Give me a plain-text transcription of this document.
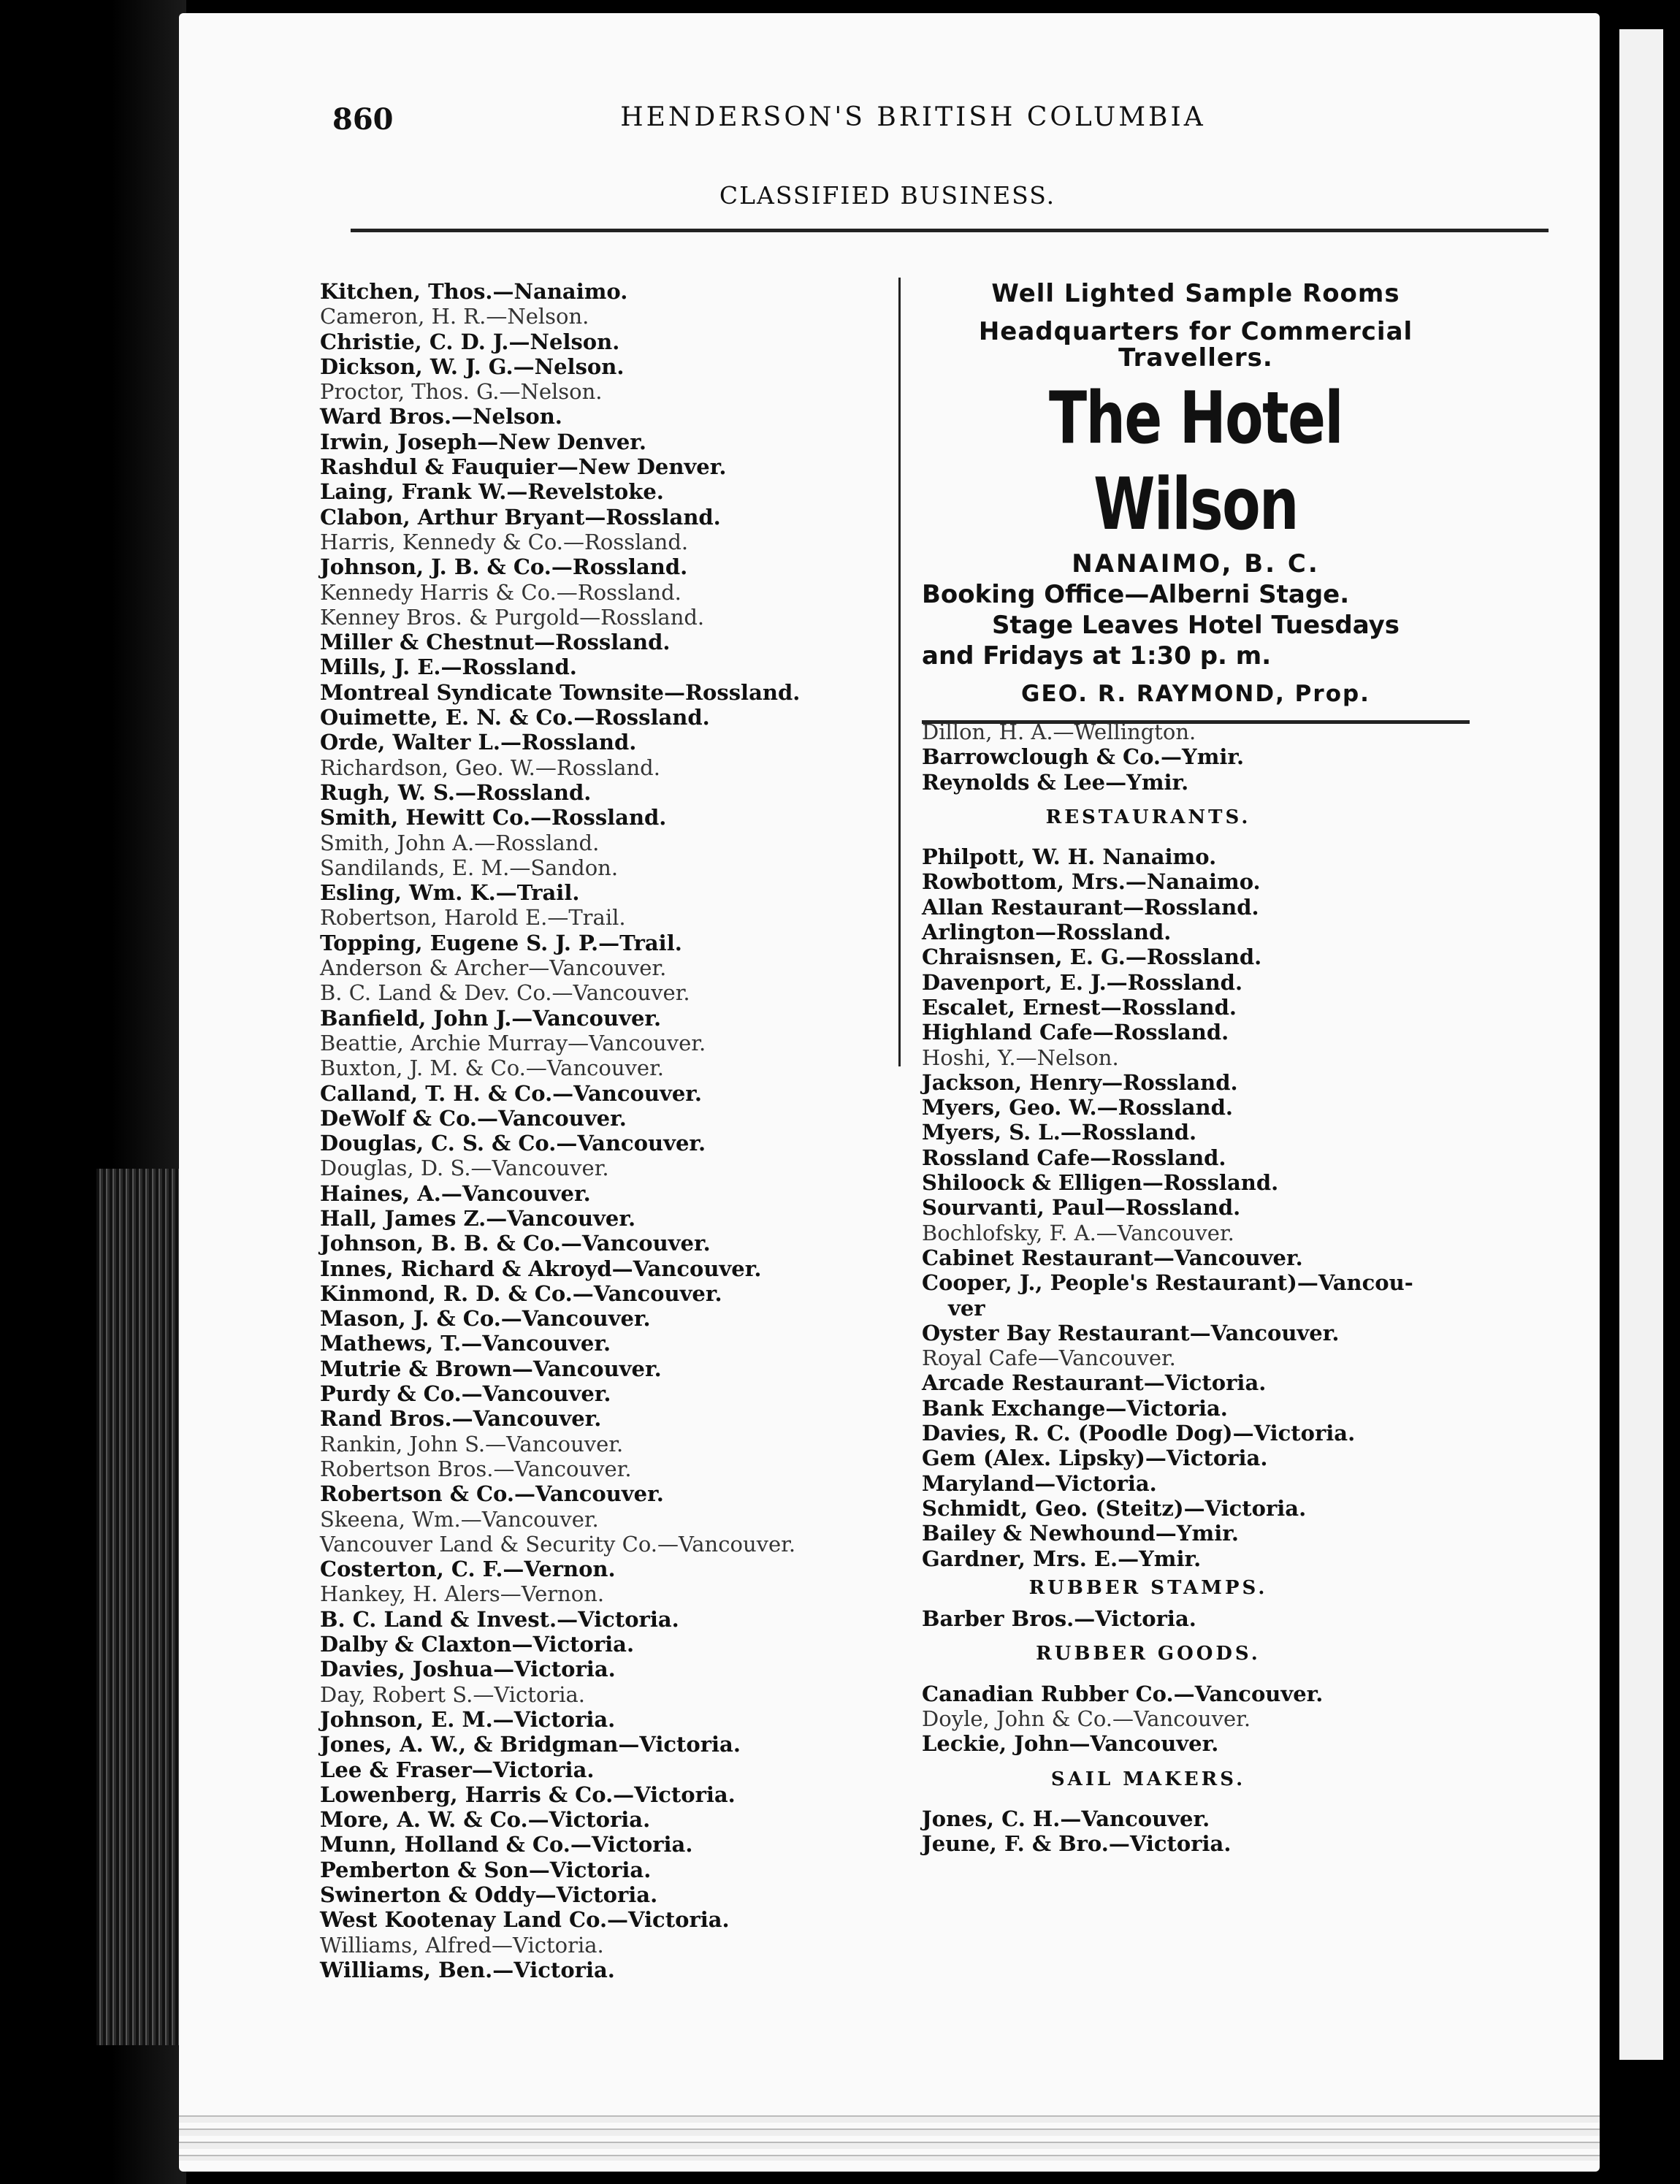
860	HENDERSON'S BRITISH COLUMBIA
CLASSIFIED BUSINESS.
Kitchen, Thos.—Nanaimo.
Cameron, H. R.—Nelson.
Christie, C. D. J.—Nelson.
Dickson, W. J. G.—Nelson.
Proctor, Thos. G.—Nelson.
Ward Bros.—Nelson.
Irwin, Joseph—New Denver.
Rashdul & Fauquier—New Denver.
Laing, Frank W.—Revelstoke.
Clabon, Arthur Bryant—Rossland.
Harris, Kennedy & Co.—Rossland.
Johnson, J. B. & Co.—Rossland.
Kennedy Harris & Co.—Rossland.
Kenney Bros. & Purgold—Rossland.
Miller & Chestnut—Rossland.
Mills, J. E.—Rossland.
Montreal Syndicate Townsite—Rossland.
Ouimette, E. N. & Co.—Rossland.
Orde, Walter L.—Rossland.
Richardson, Geo. W.—Rossland.
Rugh, W. S.—Rossland.
Smith, Hewitt Co.—Rossland.
Smith, John A.—Rossland.
Sandilands, E. M.—Sandon.
Esling, Wm. K.—Trail.
Robertson, Harold E.—Trail.
Topping, Eugene S. J. P.—Trail.
Anderson & Archer—Vancouver.
B. C. Land & Dev. Co.—Vancouver.
Banfield, John J.—Vancouver.
Beattie, Archie Murray—Vancouver.
Buxton, J. M. & Co.—Vancouver.
Calland, T. H. & Co.—Vancouver.
DeWolf & Co.—Vancouver.
Douglas, C. S. & Co.—Vancouver.
Douglas, D. S.—Vancouver.
Haines, A.—Vancouver.
Hall, James Z.—Vancouver.
Johnson, B. B. & Co.—Vancouver.
Innes, Richard & Akroyd—Vancouver.
Kinmond, R. D. & Co.—Vancouver.
Mason, J. & Co.—Vancouver.
Mathews, T.—Vancouver.
Mutrie & Brown—Vancouver.
Purdy & Co.—Vancouver.
Rand Bros.—Vancouver.
Rankin, John S.—Vancouver.
Robertson Bros.—Vancouver.
Robertson & Co.—Vancouver.
Skeena, Wm.—Vancouver.
Vancouver Land & Security Co.—Vancouver.
Costerton, C. F.—Vernon.
Hankey, H. Alers—Vernon.
B. C. Land & Invest.—Victoria.
Dalby & Claxton—Victoria.
Davies, Joshua—Victoria.
Day, Robert S.—Victoria.
Johnson, E. M.—Victoria.
Jones, A. W., & Bridgman—Victoria.
Lee & Fraser—Victoria.
Lowenberg, Harris & Co.—Victoria.
More, A. W. & Co.—Victoria.
Munn, Holland & Co.—Victoria.
Pemberton & Son—Victoria.
Swinerton & Oddy—Victoria.
West Kootenay Land Co.—Victoria.
Williams, Alfred—Victoria.
Williams, Ben.—Victoria.
Well Lighted Sample Rooms
Headquarters for Commercial Travellers.
The Hotel Wilson
NANAIMO, B. C.
Booking Office—Alberni Stage.
Stage Leaves Hotel Tuesdays
and Fridays at 1:30 p. m.
GEO. R. RAYMOND, Prop.
Dillon, H. A.—Wellington.
Barrowclough & Co.—Ymir.
Reynolds & Lee—Ymir.
RESTAURANTS.
Philpott, W. H. Nanaimo.
Rowbottom, Mrs.—Nanaimo.
Allan Restaurant—Rossland.
Arlington—Rossland.
Chraisnsen, E. G.—Rossland.
Davenport, E. J.—Rossland.
Escalet, Ernest—Rossland.
Highland Cafe—Rossland.
Hoshi, Y.—Nelson.
Jackson, Henry—Rossland.
Myers, Geo. W.—Rossland.
Myers, S. L.—Rossland.
Rossland Cafe—Rossland.
Shiloock & Elligen—Rossland.
Sourvanti, Paul—Rossland.
Bochlofsky, F. A.—Vancouver.
Cabinet Restaurant—Vancouver.
Cooper, J., People's Restaurant)—Vancou-
ver
Oyster Bay Restaurant—Vancouver.
Royal Cafe—Vancouver.
Arcade Restaurant—Victoria.
Bank Exchange—Victoria.
Davies, R. C. (Poodle Dog)—Victoria.
Gem (Alex. Lipsky)—Victoria.
Maryland—Victoria.
Schmidt, Geo. (Steitz)—Victoria.
Bailey & Newhound—Ymir.
Gardner, Mrs. E.—Ymir.
RUBBER STAMPS.
Barber Bros.—Victoria.
RUBBER GOODS.
Canadian Rubber Co.—Vancouver.
Doyle, John & Co.—Vancouver.
Leckie, John—Vancouver.
SAIL MAKERS.
Jones, C. H.—Vancouver.
Jeune, F. & Bro.—Victoria.
